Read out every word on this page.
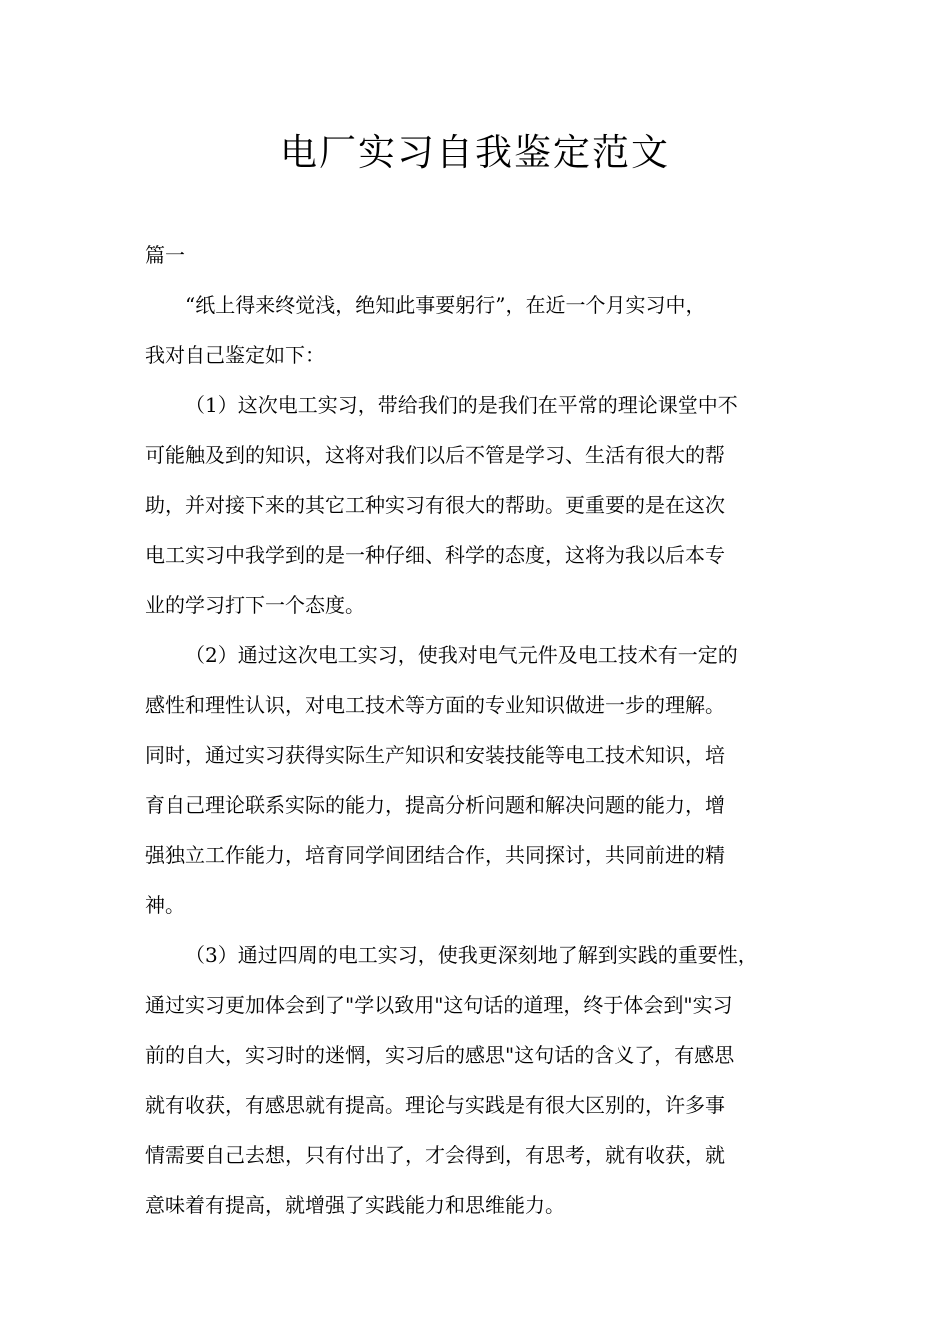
电厂实习自我鉴定范文
篇一

“纸上得来终觉浅，绝知此事要躬行”，在近一个月实习中，
我对自己鉴定如下：

（1）这次电工实习，带给我们的是我们在平常的理论课堂中不
可能触及到的知识，这将对我们以后不管是学习、生活有很大的帮
助，并对接下来的其它工种实习有很大的帮助。更重要的是在这次
电工实习中我学到的是一种仔细、科学的态度，这将为我以后本专
业的学习打下一个态度。

（2）通过这次电工实习，使我对电气元件及电工技术有一定的
感性和理性认识，对电工技术等方面的专业知识做进一步的理解。
同时，通过实习获得实际生产知识和安装技能等电工技术知识，培
育自己理论联系实际的能力，提高分析问题和解决问题的能力，增
强独立工作能力，培育同学间团结合作，共同探讨，共同前进的精
神。

（3）通过四周的电工实习，使我更深刻地了解到实践的重要性，
通过实习更加体会到了"学以致用"这句话的道理，终于体会到"实习
前的自大，实习时的迷惘，实习后的感思"这句话的含义了，有感思
就有收获，有感思就有提高。理论与实践是有很大区别的，许多事
情需要自己去想，只有付出了，才会得到，有思考，就有收获，就
意味着有提高，就增强了实践能力和思维能力。
